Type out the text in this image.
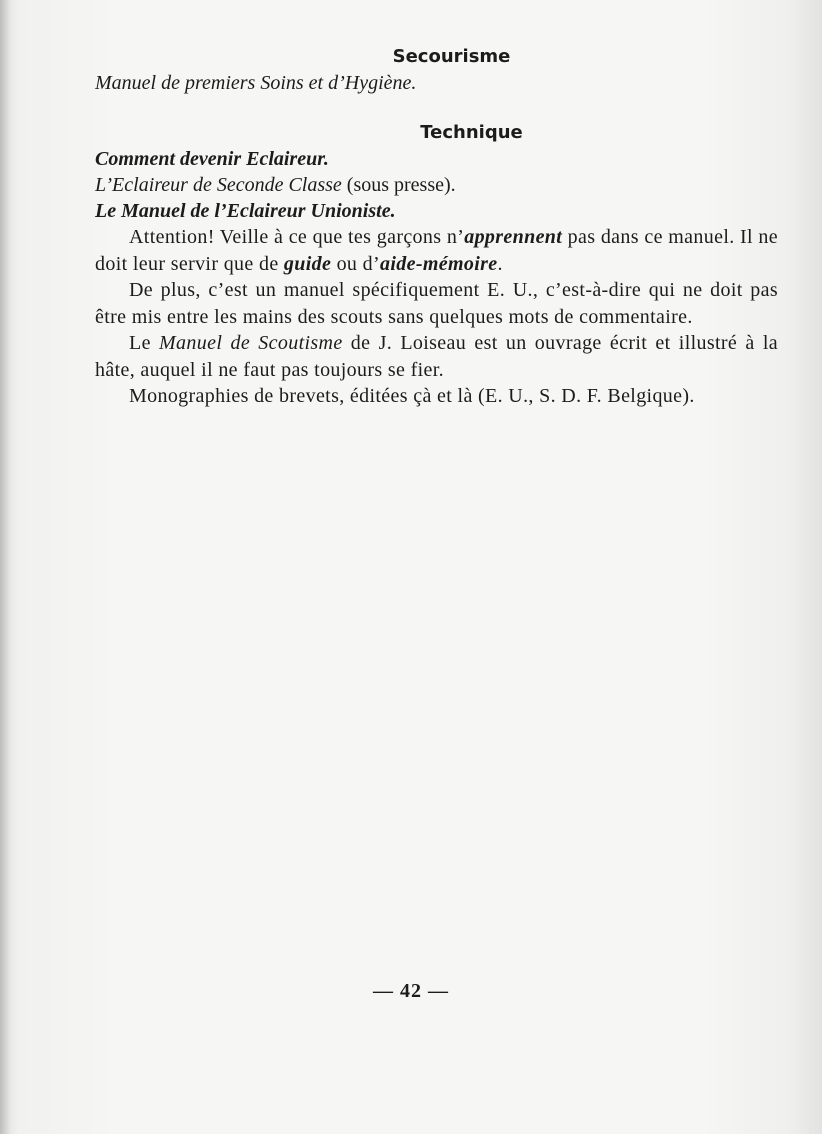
Secourisme

Manuel de premiers Soins et d’Hygiène.

Technique

Comment devenir Eclaireur.

L’Eclaireur de Seconde Classe (sous presse).

Le Manuel de l’Eclaireur Unioniste.

Attention! Veille à ce que tes garçons n’apprennent pas dans ce manuel. Il ne doit leur servir que de guide ou d’aide-mémoire.

De plus, c’est un manuel spécifiquement E. U., c’est-à-dire qui ne doit pas être mis entre les mains des scouts sans quelques mots de commentaire.

Le Manuel de Scoutisme de J. Loiseau est un ouvrage écrit et illustré à la hâte, auquel il ne faut pas toujours se fier.

Monographies de brevets, éditées çà et là (E. U., S. D. F. Belgique).

— 42 —
